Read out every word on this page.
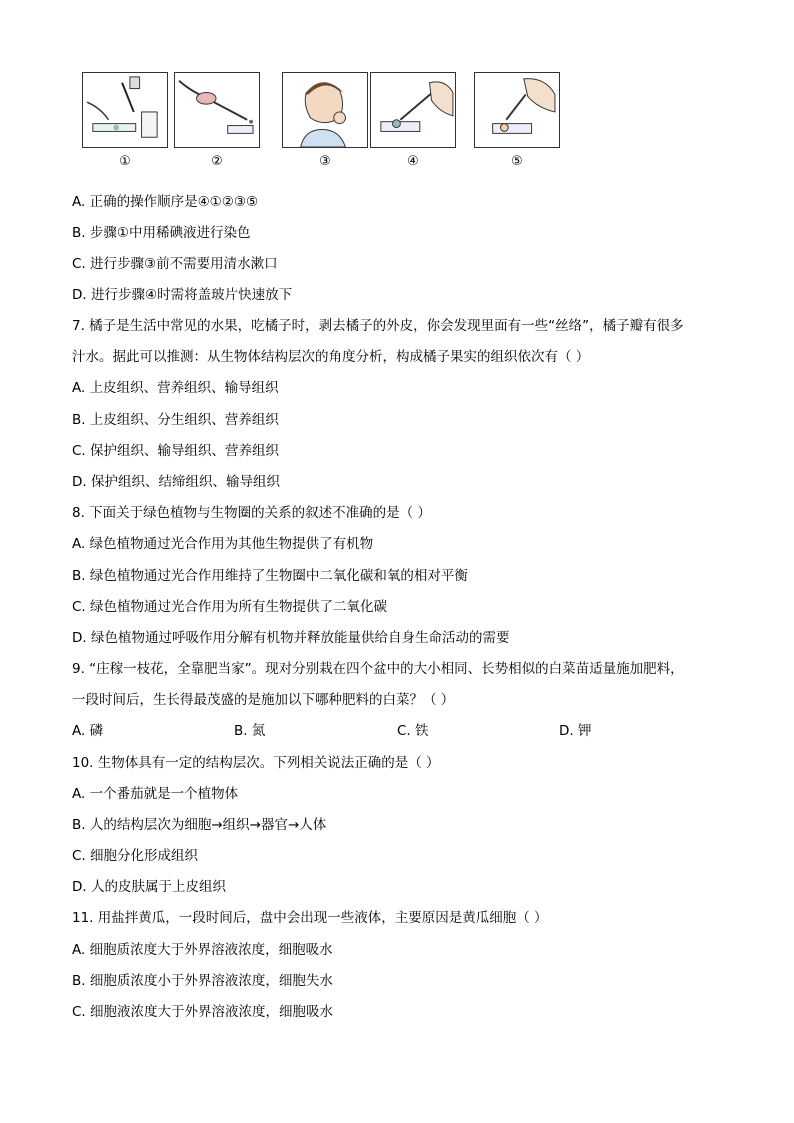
①	②	③	④	⑤
A. 正确的操作顺序是④①②③⑤
B. 步骤①中用稀碘液进行染色
C. 进行步骤③前不需要用清水漱口
D. 进行步骤④时需将盖玻片快速放下
7. 橘子是生活中常见的水果，吃橘子时，剥去橘子的外皮，你会发现里面有一些“丝络”，橘子瓣有很多
汁水。据此可以推测：从生物体结构层次的角度分析，构成橘子果实的组织依次有（ ）
A. 上皮组织、营养组织、输导组织
B. 上皮组织、分生组织、营养组织
C. 保护组织、输导组织、营养组织
D. 保护组织、结缔组织、输导组织
8. 下面关于绿色植物与生物圈的关系的叙述不准确的是（ ）
A. 绿色植物通过光合作用为其他生物提供了有机物
B. 绿色植物通过光合作用维持了生物圈中二氧化碳和氧的相对平衡
C. 绿色植物通过光合作用为所有生物提供了二氧化碳
D. 绿色植物通过呼吸作用分解有机物并释放能量供给自身生命活动的需要
9. “庄稼一枝花，全靠肥当家”。现对分别栽在四个盆中的大小相同、长势相似的白菜苗适量施加肥料，
一段时间后，生长得最茂盛的是施加以下哪种肥料的白菜？（ ）
A. 磷	B. 氮	C. 铁	D. 钾
10. 生物体具有一定的结构层次。下列相关说法正确的是（ ）
A. 一个番茄就是一个植物体
B. 人的结构层次为细胞→组织→器官→人体
C. 细胞分化形成组织
D. 人的皮肤属于上皮组织
11. 用盐拌黄瓜，一段时间后，盘中会出现一些液体，主要原因是黄瓜细胞（ ）
A. 细胞质浓度大于外界溶液浓度，细胞吸水
B. 细胞质浓度小于外界溶液浓度，细胞失水
C. 细胞液浓度大于外界溶液浓度，细胞吸水
